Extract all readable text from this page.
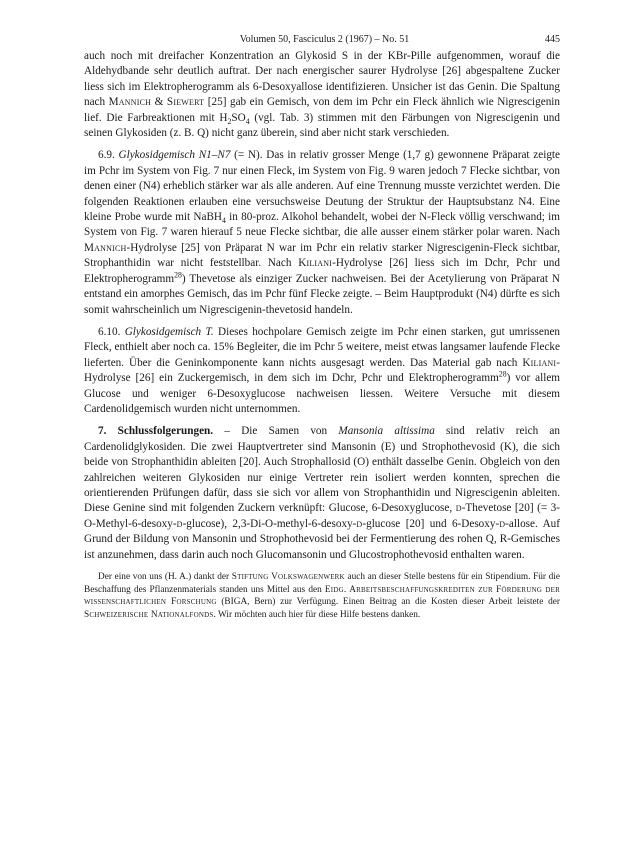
Volumen 50, Fasciculus 2 (1967) – No. 51	445

auch noch mit dreifacher Konzentration an Glykosid S in der KBr-Pille aufgenommen, worauf die Aldehydbande sehr deutlich auftrat. Der nach energischer saurer Hydrolyse [26] abgespaltene Zucker liess sich im Elektropherogramm als 6-Desoxyallose identifizieren. Unsicher ist das Genin. Die Spaltung nach Mannich & Siewert [25] gab ein Gemisch, von dem im Pchr ein Fleck ähnlich wie Nigrescigenin lief. Die Farbreaktionen mit $H_2SO_4$ (vgl. Tab. 3) stimmen mit den Färbungen von Nigrescigenin und seinen Glykosiden (z. B. Q) nicht ganz überein, sind aber nicht stark verschieden.

6.9. Glykosidgemisch N1–N7 (= N). Das in relativ grosser Menge (1,7 g) gewonnene Präparat zeigte im Pchr im System von Fig. 7 nur einen Fleck, im System von Fig. 9 waren jedoch 7 Flecke sichtbar, von denen einer (N4) erheblich stärker war als alle anderen. Auf eine Trennung musste verzichtet werden. Die folgenden Reaktionen erlauben eine versuchsweise Deutung der Struktur der Hauptsubstanz N4. Eine kleine Probe wurde mit NaBH$_4$ in 80-proz. Alkohol behandelt, wobei der N-Fleck völlig verschwand; im System von Fig. 7 waren hierauf 5 neue Flecke sichtbar, die alle ausser einem stärker polar waren. Nach Mannich-Hydrolyse [25] von Präparat N war im Pchr ein relativ starker Nigrescigenin-Fleck sichtbar, Strophanthidin war nicht feststellbar. Nach Kiliani-Hydrolyse [26] liess sich im Dchr, Pchr und Elektropherogramm$^{28}$) Thevetose als einziger Zucker nachweisen. Bei der Acetylierung von Präparat N entstand ein amorphes Gemisch, das im Pchr fünf Flecke zeigte. – Beim Hauptprodukt (N4) dürfte es sich somit wahrscheinlich um Nigrescigenin-thevetosid handeln.

6.10. Glykosidgemisch T. Dieses hochpolare Gemisch zeigte im Pchr einen starken, gut umrissenen Fleck, enthielt aber noch ca. 15% Begleiter, die im Pchr 5 weitere, meist etwas langsamer laufende Flecke lieferten. Über die Geninkomponente kann nichts ausgesagt werden. Das Material gab nach Kiliani-Hydrolyse [26] ein Zuckergemisch, in dem sich im Dchr, Pchr und Elektropherogramm$^{28}$) vor allem Glucose und weniger 6-Desoxyglucose nachweisen liessen. Weitere Versuche mit diesem Cardenolidgemisch wurden nicht unternommen.

7. Schlussfolgerungen. – Die Samen von Mansonia altissima sind relativ reich an Cardenolidglykosiden. Die zwei Hauptvertreter sind Mansonin (E) und Strophothevosid (K), die sich beide von Strophanthidin ableiten [20]. Auch Strophallosid (O) enthält dasselbe Genin. Obgleich von den zahlreichen weiteren Glykosiden nur einige Vertreter rein isoliert werden konnten, sprechen die orientierenden Prüfungen dafür, dass sie sich vor allem von Strophanthidin und Nigrescigenin ableiten. Diese Genine sind mit folgenden Zuckern verknüpft: Glucose, 6-Desoxyglucose, d-Thevetose [20] (= 3-O-Methyl-6-desoxy-d-glucose), 2,3-Di-O-methyl-6-desoxy-d-glucose [20] und 6-Desoxy-d-allose. Auf Grund der Bildung von Mansonin und Strophothevosid bei der Fermentierung des rohen Q, R-Gemisches ist anzunehmen, dass darin auch noch Glucomansonin und Glucostrophothevosid enthalten waren.

Der eine von uns (H. A.) dankt der Stiftung Volkswagenwerk auch an dieser Stelle bestens für ein Stipendium. Für die Beschaffung des Pflanzenmaterials standen uns Mittel aus den Eidg. Arbeitsbeschaffungskrediten zur Förderung der wissenschaftlichen Forschung (BIGA, Bern) zur Verfügung. Einen Beitrag an die Kosten dieser Arbeit leistete der Schweizerische Nationalfonds. Wir möchten auch hier für diese Hilfe bestens danken.
